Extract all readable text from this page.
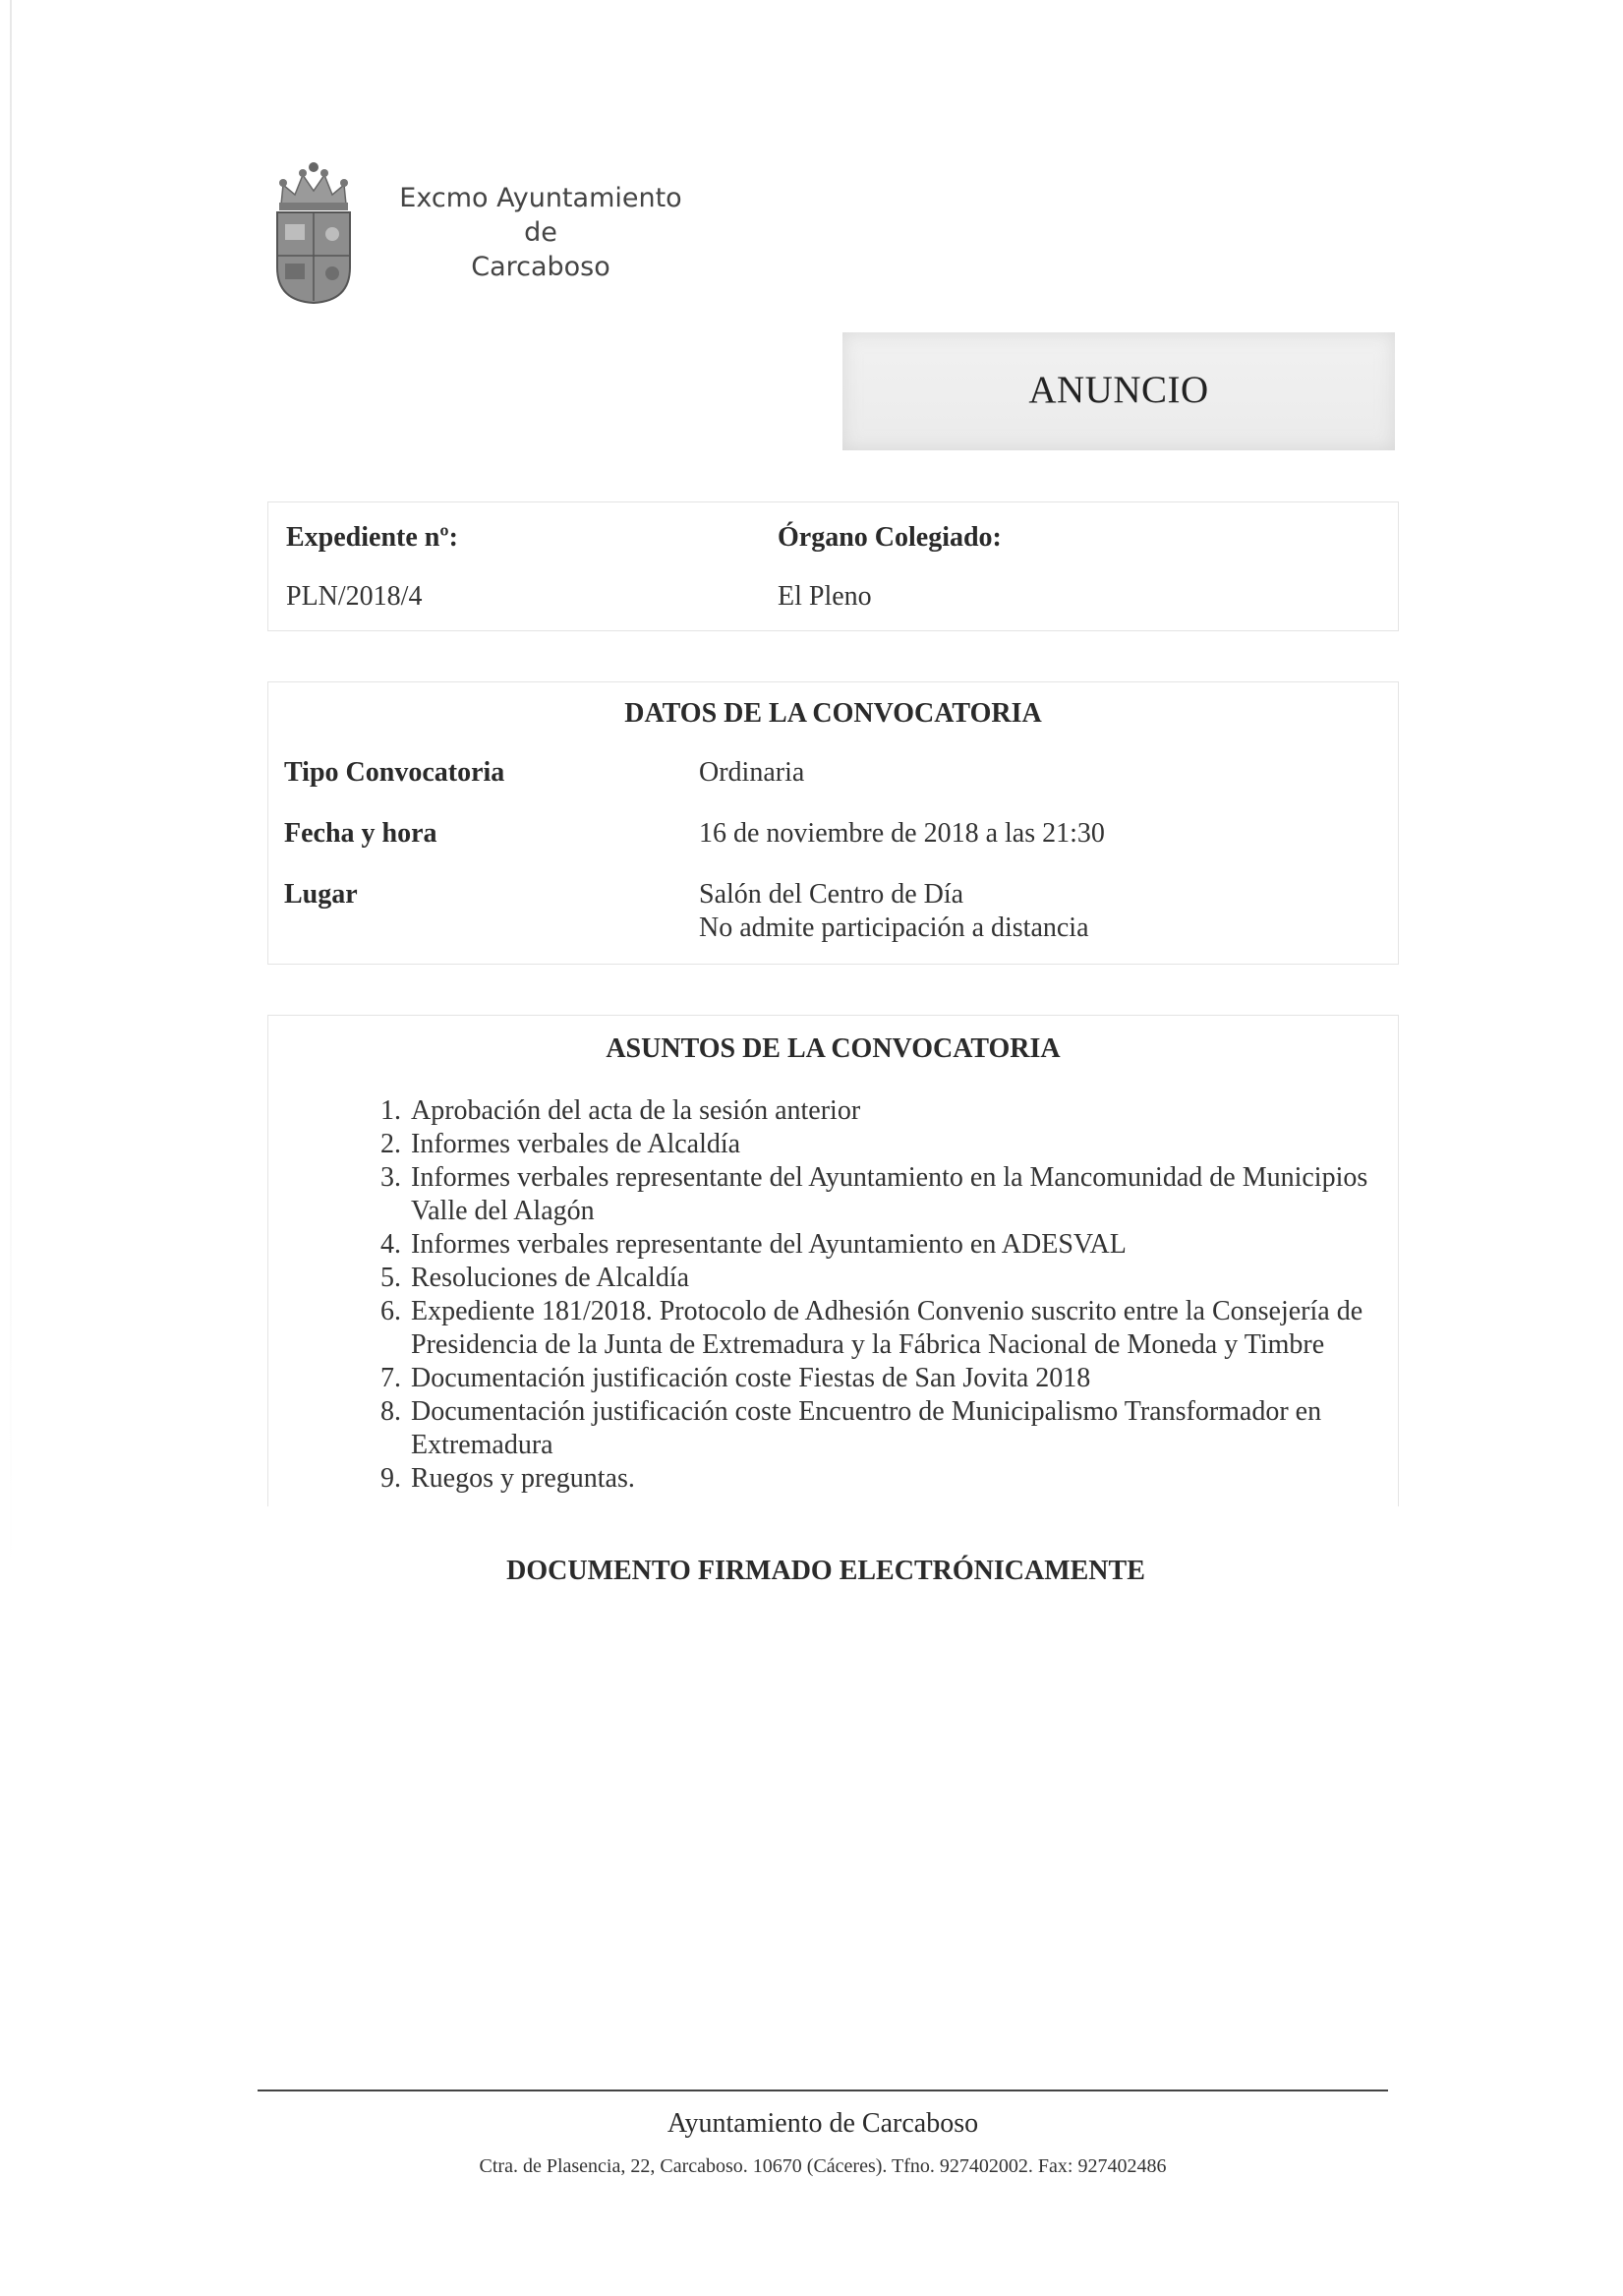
Excmo Ayuntamiento
de
Carcaboso
ANUNCIO
Expediente nº:
PLN/2018/4
Órgano Colegiado:
El Pleno
DATOS DE LA CONVOCATORIA
Tipo Convocatoria	Ordinaria
Fecha y hora	16 de noviembre de 2018 a las 21:30
Lugar	Salón del Centro de Día
No admite participación a distancia
ASUNTOS DE LA CONVOCATORIA
1. Aprobación del acta de la sesión anterior
2. Informes verbales de Alcaldía
3. Informes verbales representante del Ayuntamiento en la Mancomunidad de Municipios
Valle del Alagón
4. Informes verbales representante del Ayuntamiento en ADESVAL
5. Resoluciones de Alcaldía
6. Expediente 181/2018. Protocolo de Adhesión Convenio suscrito entre la Consejería de
Presidencia de la Junta de Extremadura y la Fábrica Nacional de Moneda y Timbre
7. Documentación justificación coste Fiestas de San Jovita 2018
8. Documentación justificación coste Encuentro de Municipalismo Transformador en
Extremadura
9. Ruegos y preguntas.
DOCUMENTO FIRMADO ELECTRÓNICAMENTE
Ayuntamiento de Carcaboso
Ctra. de Plasencia, 22, Carcaboso. 10670 (Cáceres). Tfno. 927402002. Fax: 927402486
